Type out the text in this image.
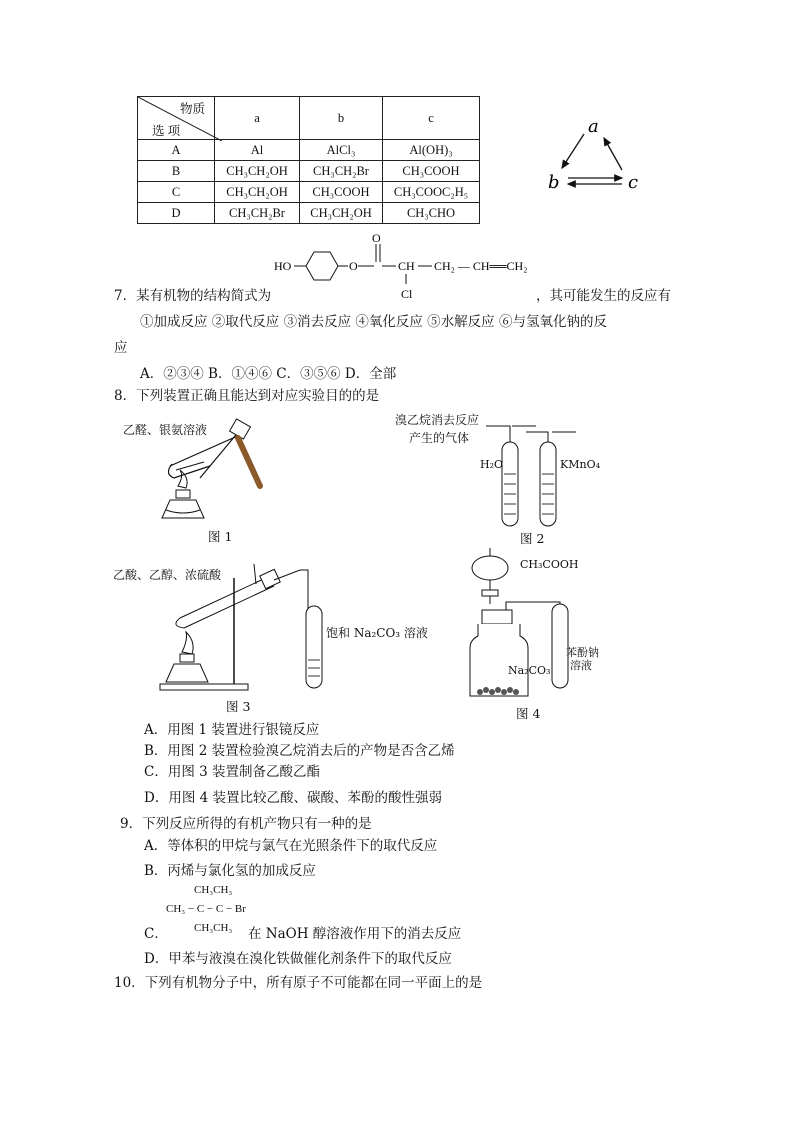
物质
选 项	a	b	c
A	Al	AlCl₃	Al(OH)₃
B	CH₃CH₂OH	CH₃CH₂Br	CH₃COOH
C	CH₃CH₂OH	CH₃COOH	CH₃COOC₂H₅
D	CH₃CH₂Br	CH₃CH₂OH	CH₃CHO
a
b	c
HO	O
O
CH
Cl
CH₂ — CH══CH₂
7．某有机物的结构简式为	，其可能发生的反应有
①加成反应 ②取代反应 ③消去反应 ④氧化反应 ⑤水解反应 ⑥与氢氧化钠的反
应
A．②③④ B．①④⑥ C．③⑤⑥ D．全部
8．下列装置正确且能达到对应实验目的的是
乙醛、银氨溶液
图 1
溴乙烷消去反应
产生的气体
H₂O	KMnO₄
图 2
乙酸、乙醇、浓硫酸
饱和 Na₂CO₃ 溶液
图 3
CH₃COOH
Na₂CO₃
苯酚钠
溶液
图 4
A．用图 1 装置进行银镜反应
B．用图 2 装置检验溴乙烷消去后的产物是否含乙烯
C．用图 3 装置制备乙酸乙酯
D．用图 4 装置比较乙酸、碳酸、苯酚的酸性强弱
9．下列反应所得的有机产物只有一种的是
A．等体积的甲烷与氯气在光照条件下的取代反应
B．丙烯与氯化氢的加成反应
CH₃CH₃
CH₃ − C − C − Br
CH₃CH₃
C．	在 NaOH 醇溶液作用下的消去反应
D．甲苯与液溴在溴化铁做催化剂条件下的取代反应
10．下列有机物分子中，所有原子不可能都在同一平面上的是
